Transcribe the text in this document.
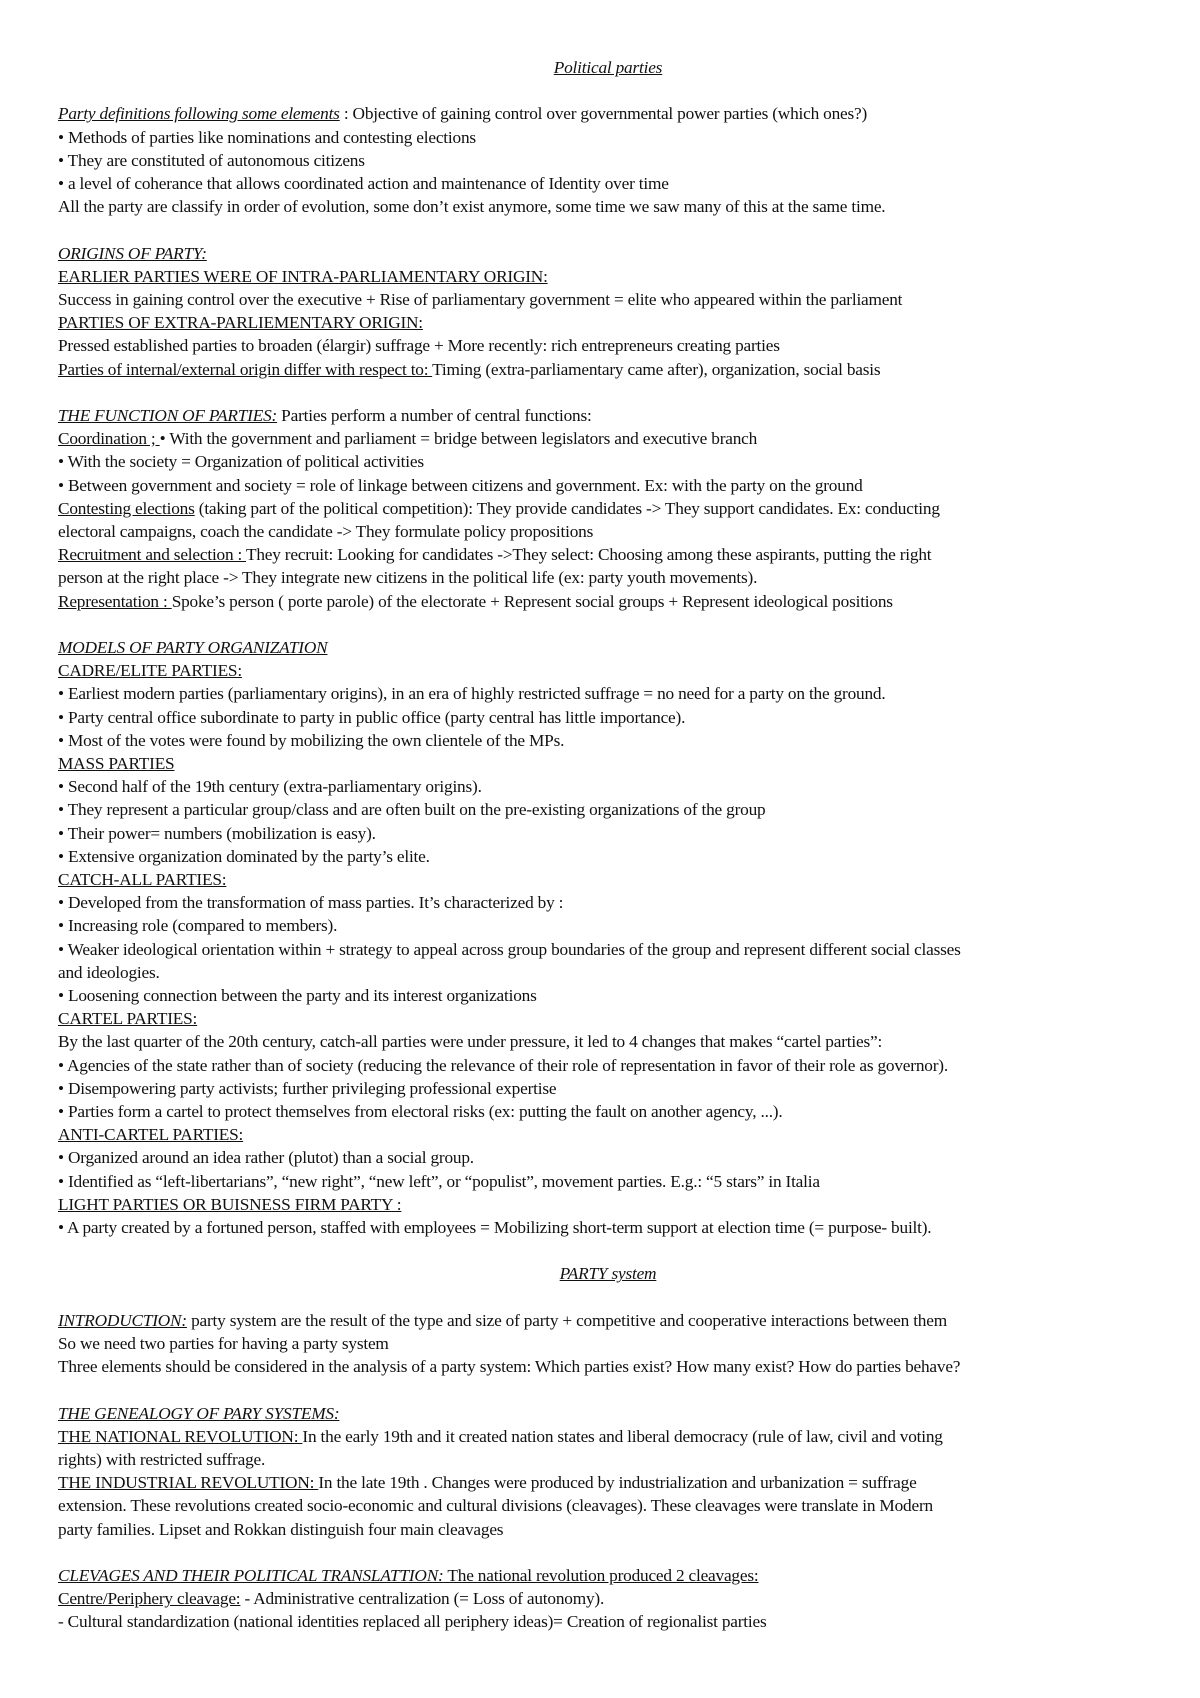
Political parties
Party definitions following some elements : Objective of gaining control over governmental power parties (which ones?)
• Methods of parties like nominations and contesting elections
• They are constituted of autonomous citizens
• a level of coherance that allows coordinated action and maintenance of Identity over time
All the party are classify in order of evolution, some don’t exist anymore, some time we saw many of this at the same time.
ORIGINS OF PARTY:
EARLIER PARTIES WERE OF INTRA-PARLIAMENTARY ORIGIN:
Success in gaining control over the executive + Rise of parliamentary government = elite who appeared within the parliament
PARTIES OF EXTRA-PARLIEMENTARY ORIGIN:
Pressed established parties to broaden (élargir) suffrage + More recently: rich entrepreneurs creating parties
Parties of internal/external origin differ with respect to: Timing (extra-parliamentary came after), organization, social basis
THE FUNCTION OF PARTIES: Parties perform a number of central functions:
Coordination ; • With the government and parliament = bridge between legislators and executive branch
• With the society = Organization of political activities
• Between government and society = role of linkage between citizens and government. Ex: with the party on the ground
Contesting elections (taking part of the political competition): They provide candidates -> They support candidates. Ex: conducting
electoral campaigns, coach the candidate -> They formulate policy propositions
Recruitment and selection : They recruit: Looking for candidates ->They select: Choosing among these aspirants, putting the right
person at the right place -> They integrate new citizens in the political life (ex: party youth movements).
Representation : Spoke’s person ( porte parole) of the electorate + Represent social groups + Represent ideological positions
MODELS OF PARTY ORGANIZATION
CADRE/ELITE PARTIES:
• Earliest modern parties (parliamentary origins), in an era of highly restricted suffrage = no need for a party on the ground.
• Party central office subordinate to party in public office (party central has little importance).
• Most of the votes were found by mobilizing the own clientele of the MPs.
MASS PARTIES
• Second half of the 19th century (extra-parliamentary origins).
• They represent a particular group/class and are often built on the pre-existing organizations of the group
• Their power= numbers (mobilization is easy).
• Extensive organization dominated by the party’s elite.
CATCH-ALL PARTIES:
• Developed from the transformation of mass parties. It’s characterized by :
• Increasing role (compared to members).
• Weaker ideological orientation within + strategy to appeal across group boundaries of the group and represent different social classes
and ideologies.
• Loosening connection between the party and its interest organizations
CARTEL PARTIES:
By the last quarter of the 20th century, catch-all parties were under pressure, it led to 4 changes that makes “cartel parties”:
• Agencies of the state rather than of society (reducing the relevance of their role of representation in favor of their role as governor).
• Disempowering party activists; further privileging professional expertise
• Parties form a cartel to protect themselves from electoral risks (ex: putting the fault on another agency, ...).
ANTI-CARTEL PARTIES:
• Organized around an idea rather (plutot) than a social group.
• Identified as “left-libertarians”, “new right”, “new left”, or “populist”, movement parties. E.g.: “5 stars” in Italia
LIGHT PARTIES OR BUISNESS FIRM PARTY :
• A party created by a fortuned person, staffed with employees = Mobilizing short-term support at election time (= purpose- built).
PARTY system
INTRODUCTION: party system are the result of the type and size of party + competitive and cooperative interactions between them
So we need two parties for having a party system
Three elements should be considered in the analysis of a party system: Which parties exist? How many exist? How do parties behave?
THE GENEALOGY OF PARY SYSTEMS:
THE NATIONAL REVOLUTION: In the early 19th and it created nation states and liberal democracy (rule of law, civil and voting
rights) with restricted suffrage.
THE INDUSTRIAL REVOLUTION: In the late 19th . Changes were produced by industrialization and urbanization = suffrage
extension. These revolutions created socio-economic and cultural divisions (cleavages). These cleavages were translate in Modern
party families. Lipset and Rokkan distinguish four main cleavages
CLEVAGES AND THEIR POLITICAL TRANSLATTION: The national revolution produced 2 cleavages:
Centre/Periphery cleavage: - Administrative centralization (= Loss of autonomy).
- Cultural standardization (national identities replaced all periphery ideas)= Creation of regionalist parties
